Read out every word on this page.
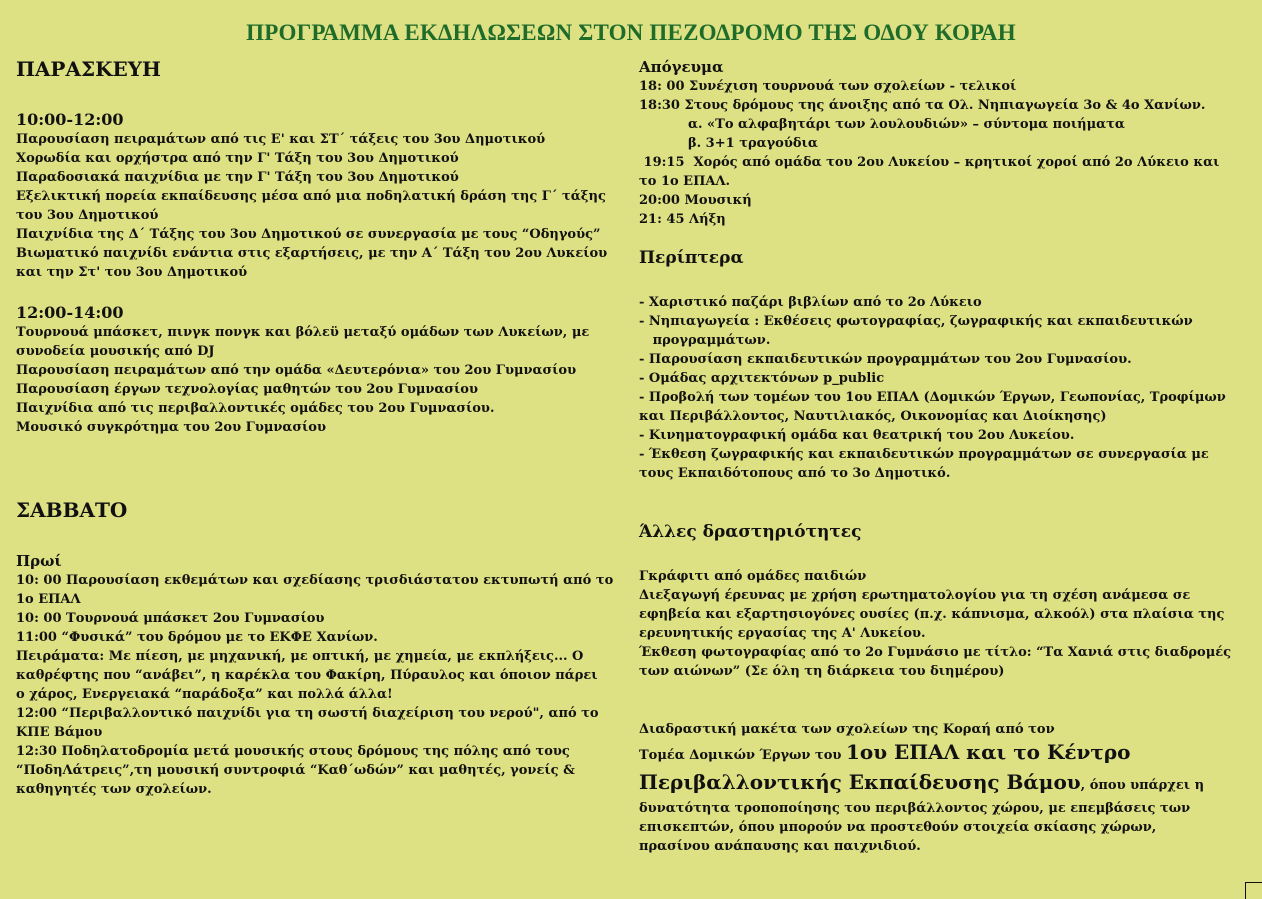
ΠΡΟΓΡΑΜΜΑ ΕΚΔΗΛΩΣΕΩΝ ΣΤΟΝ ΠΕΖΟΔΡΟΜΟ ΤΗΣ ΟΔΟΥ ΚΟΡΑΗ
ΠΑΡΑΣΚΕΥΗ
10:00-12:00
Παρουσίαση πειραμάτων από τις Ε' και ΣΤ΄ τάξεις του 3ου Δημοτικού
Χορωδία και ορχήστρα από την Γ' Τάξη του 3ου Δημοτικού
Παραδοσιακά παιχνίδια με την Γ' Τάξη του 3ου Δημοτικού
Εξελικτική πορεία εκπαίδευσης μέσα από μια ποδηλατική δράση της Γ΄ τάξης
του 3ου Δημοτικού
Παιχνίδια της Δ΄ Τάξης του 3ου Δημοτικού σε συνεργασία με τους “Οδηγούς”
Βιωματικό παιχνίδι ενάντια στις εξαρτήσεις, με την Α΄ Τάξη του 2ου Λυκείου
και την Στ' του 3ου Δημοτικού
12:00-14:00
Τουρνουά μπάσκετ, πινγκ πονγκ και βόλεϋ μεταξύ ομάδων των Λυκείων, με
συνοδεία μουσικής από DJ
Παρουσίαση πειραμάτων από την ομάδα «Δευτερόνια» του 2ου Γυμνασίου
Παρουσίαση έργων τεχνολογίας μαθητών του 2ου Γυμνασίου
Παιχνίδια από τις περιβαλλοντικές ομάδες του 2ου Γυμνασίου.
Μουσικό συγκρότημα του 2ου Γυμνασίου
ΣΑΒΒΑΤΟ
Πρωί
10: 00 Παρουσίαση εκθεμάτων και σχεδίασης τρισδιάστατου εκτυπωτή από το
1ο ΕΠΑΛ
10: 00 Τουρνουά μπάσκετ 2ου Γυμνασίου
11:00 “Φυσικά” του δρόμου με το ΕΚΦΕ Χανίων.
Πειράματα: Με πίεση, με μηχανική, με οπτική, με χημεία, με εκπλήξεις... Ο
καθρέφτης που “ανάβει”, η καρέκλα του Φακίρη, Πύραυλος και όποιον πάρει
ο χάρος, Ενεργειακά “παράδοξα” και πολλά άλλα!
12:00 “Περιβαλλοντικό παιχνίδι για τη σωστή διαχείριση του νερού", από το
ΚΠΕ Βάμου
12:30 Ποδηλατοδρομία μετά μουσικής στους δρόμους της πόλης από τους
“ΠοδηΛάτρεις”,τη μουσική συντροφιά “Καθ΄ωδών” και μαθητές, γονείς &
καθηγητές των σχολείων.
Απόγευμα
18: 00 Συνέχιση τουρνουά των σχολείων - τελικοί
18:30 Στους δρόμους της άνοιξης από τα Ολ. Νηπιαγωγεία 3ο & 4ο Χανίων.
α. «Το αλφαβητάρι των λουλουδιών» – σύντομα ποιήματα
β. 3+1 τραγούδια
19:15  Χορός από ομάδα του 2ου Λυκείου – κρητικοί χοροί από 2ο Λύκειο και
το 1ο ΕΠΑΛ.
20:00 Μουσική
21: 45 Λήξη
Περίπτερα
- Χαριστικό παζάρι βιβλίων από το 2ο Λύκειο
- Νηπιαγωγεία : Εκθέσεις φωτογραφίας, ζωγραφικής και εκπαιδευτικών
προγραμμάτων.
- Παρουσίαση εκπαιδευτικών προγραμμάτων του 2ου Γυμνασίου.
- Ομάδας αρχιτεκτόνων p_public
- Προβολή των τομέων του 1ου ΕΠΑΛ (Δομικών Έργων, Γεωπονίας, Τροφίμων
και Περιβάλλοντος, Ναυτιλιακός, Οικονομίας και Διοίκησης)
- Κινηματογραφική ομάδα και θεατρική του 2ου Λυκείου.
- Έκθεση ζωγραφικής και εκπαιδευτικών προγραμμάτων σε συνεργασία με
τους Εκπαιδότοπους από το 3ο Δημοτικό.
Άλλες δραστηριότητες
Γκράφιτι από ομάδες παιδιών
Διεξαγωγή έρευνας με χρήση ερωτηματολογίου για τη σχέση ανάμεσα σε
εφηβεία και εξαρτησιογόνες ουσίες (π.χ. κάπνισμα, αλκοόλ) στα πλαίσια της
ερευνητικής εργασίας της Α' Λυκείου.
Έκθεση φωτογραφίας από το 2ο Γυμνάσιο με τίτλο: “Τα Χανιά στις διαδρομές
των αιώνων” (Σε όλη τη διάρκεια του διημέρου)
Διαδραστική μακέτα των σχολείων της Κοραή από τον
Τομέα Δομικών Έργων του 1ου ΕΠΑΛ και το Κέντρο
Περιβαλλοντικής Εκπαίδευσης Βάμου, όπου υπάρχει η
δυνατότητα τροποποίησης του περιβάλλοντος χώρου, με επεμβάσεις των
επισκεπτών, όπου μπορούν να προστεθούν στοιχεία σκίασης χώρων,
πρασίνου ανάπαυσης και παιχνιδιού.
